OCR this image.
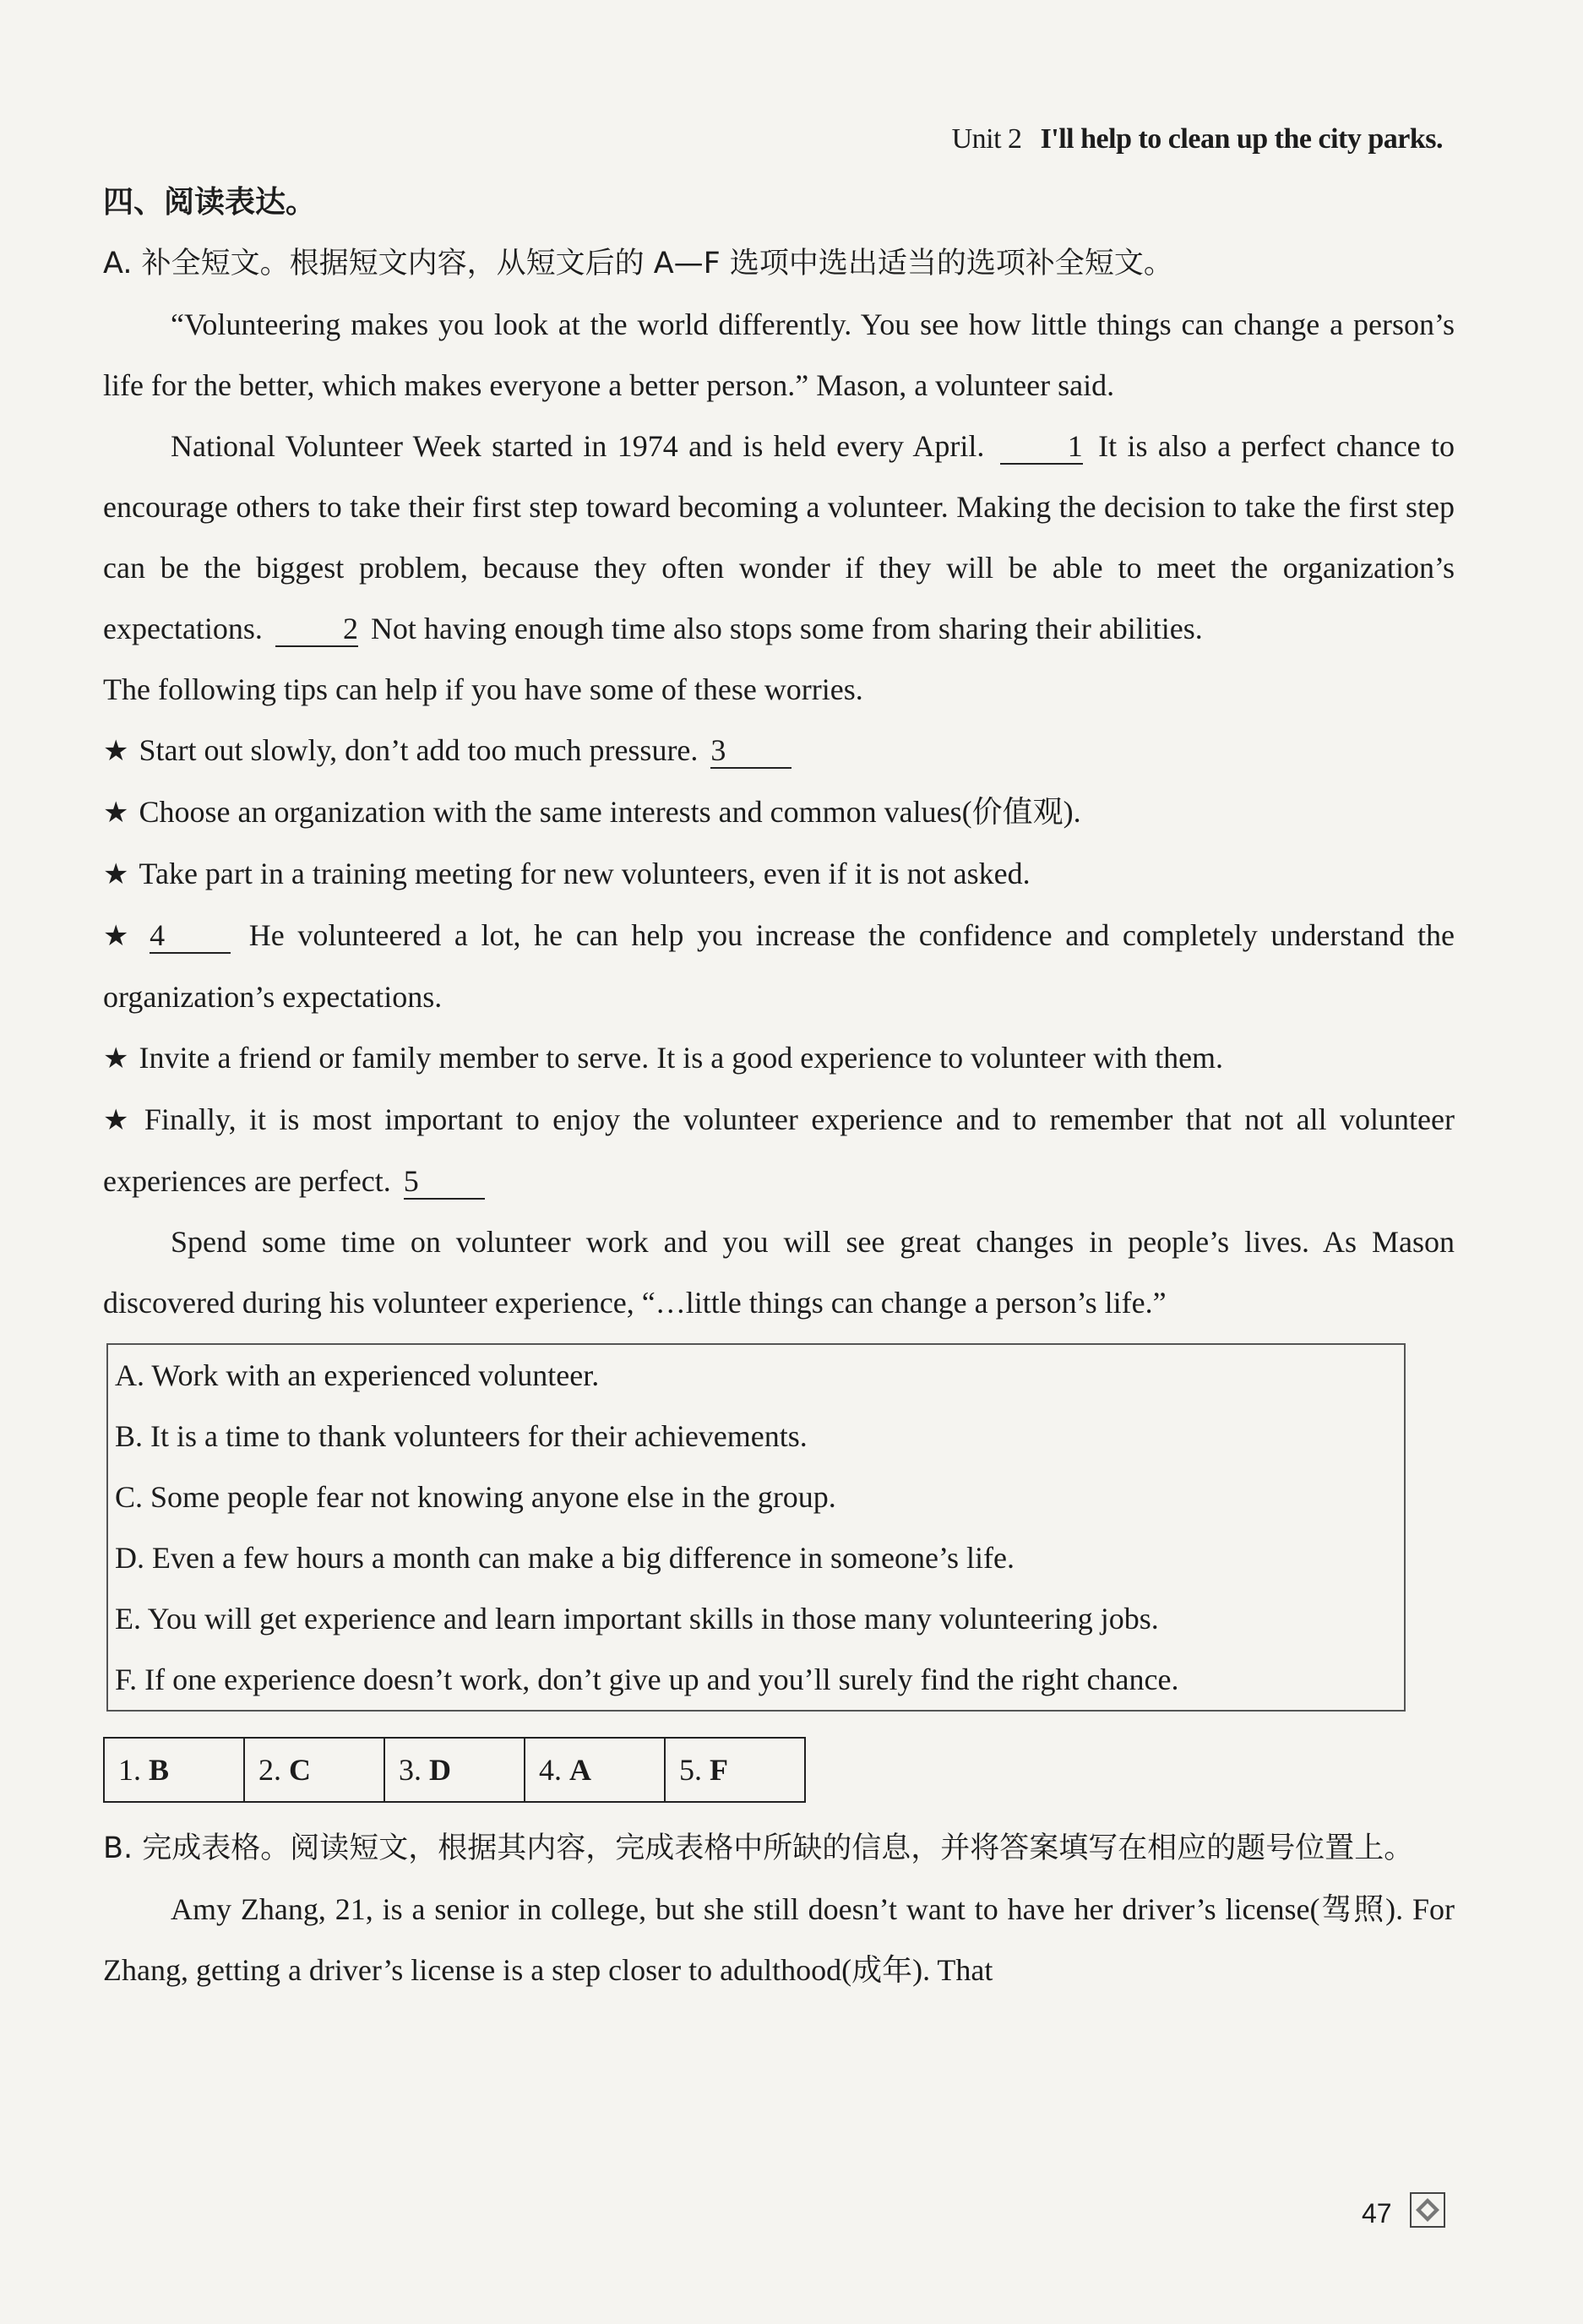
Unit 2 I'll help to clean up the city parks.
四、阅读表达。

A. 补全短文。根据短文内容，从短文后的 A—F 选项中选出适当的选项补全短文。

“Volunteering makes you look at the world differently. You see how little things can change a person’s life for the better, which makes everyone a better person.” Mason, a volunteer said.

National Volunteer Week started in 1974 and is held every April.	1 It is also a perfect chance to encourage others to take their first step toward becoming a volunteer. Making the decision to take the first step can be the biggest problem, because they often wonder if they will be able to meet the organization’s expectations.	2 Not having enough time also stops some from sharing their abilities.

The following tips can help if you have some of these worries.

★ Start out slowly, don’t add too much pressure. 3

★ Choose an organization with the same interests and common values(价值观).

★ Take part in a training meeting for new volunteers, even if it is not asked.

★ 4	He volunteered a lot, he can help you increase the confidence and completely understand the organization’s expectations.

★ Invite a friend or family member to serve. It is a good experience to volunteer with them.

★ Finally, it is most important to enjoy the volunteer experience and to remember that not all volunteer experiences are perfect. 5

Spend some time on volunteer work and you will see great changes in people’s lives. As Mason discovered during his volunteer experience, “…little things can change a person’s life.”

A. Work with an experienced volunteer.
B. It is a time to thank volunteers for their achievements.
C. Some people fear not knowing anyone else in the group.
D. Even a few hours a month can make a big difference in someone’s life.
E. You will get experience and learn important skills in those many volunteering jobs.
F. If one experience doesn’t work, don’t give up and you’ll surely find the right chance.
1. B	2. C	3. D	4. A	5. F

B. 完成表格。阅读短文，根据其内容，完成表格中所缺的信息，并将答案填写在相应的题号位置上。

Amy Zhang, 21, is a senior in college, but she still doesn’t want to have her driver’s license(驾照). For Zhang, getting a driver’s license is a step closer to adulthood(成年). That

47
